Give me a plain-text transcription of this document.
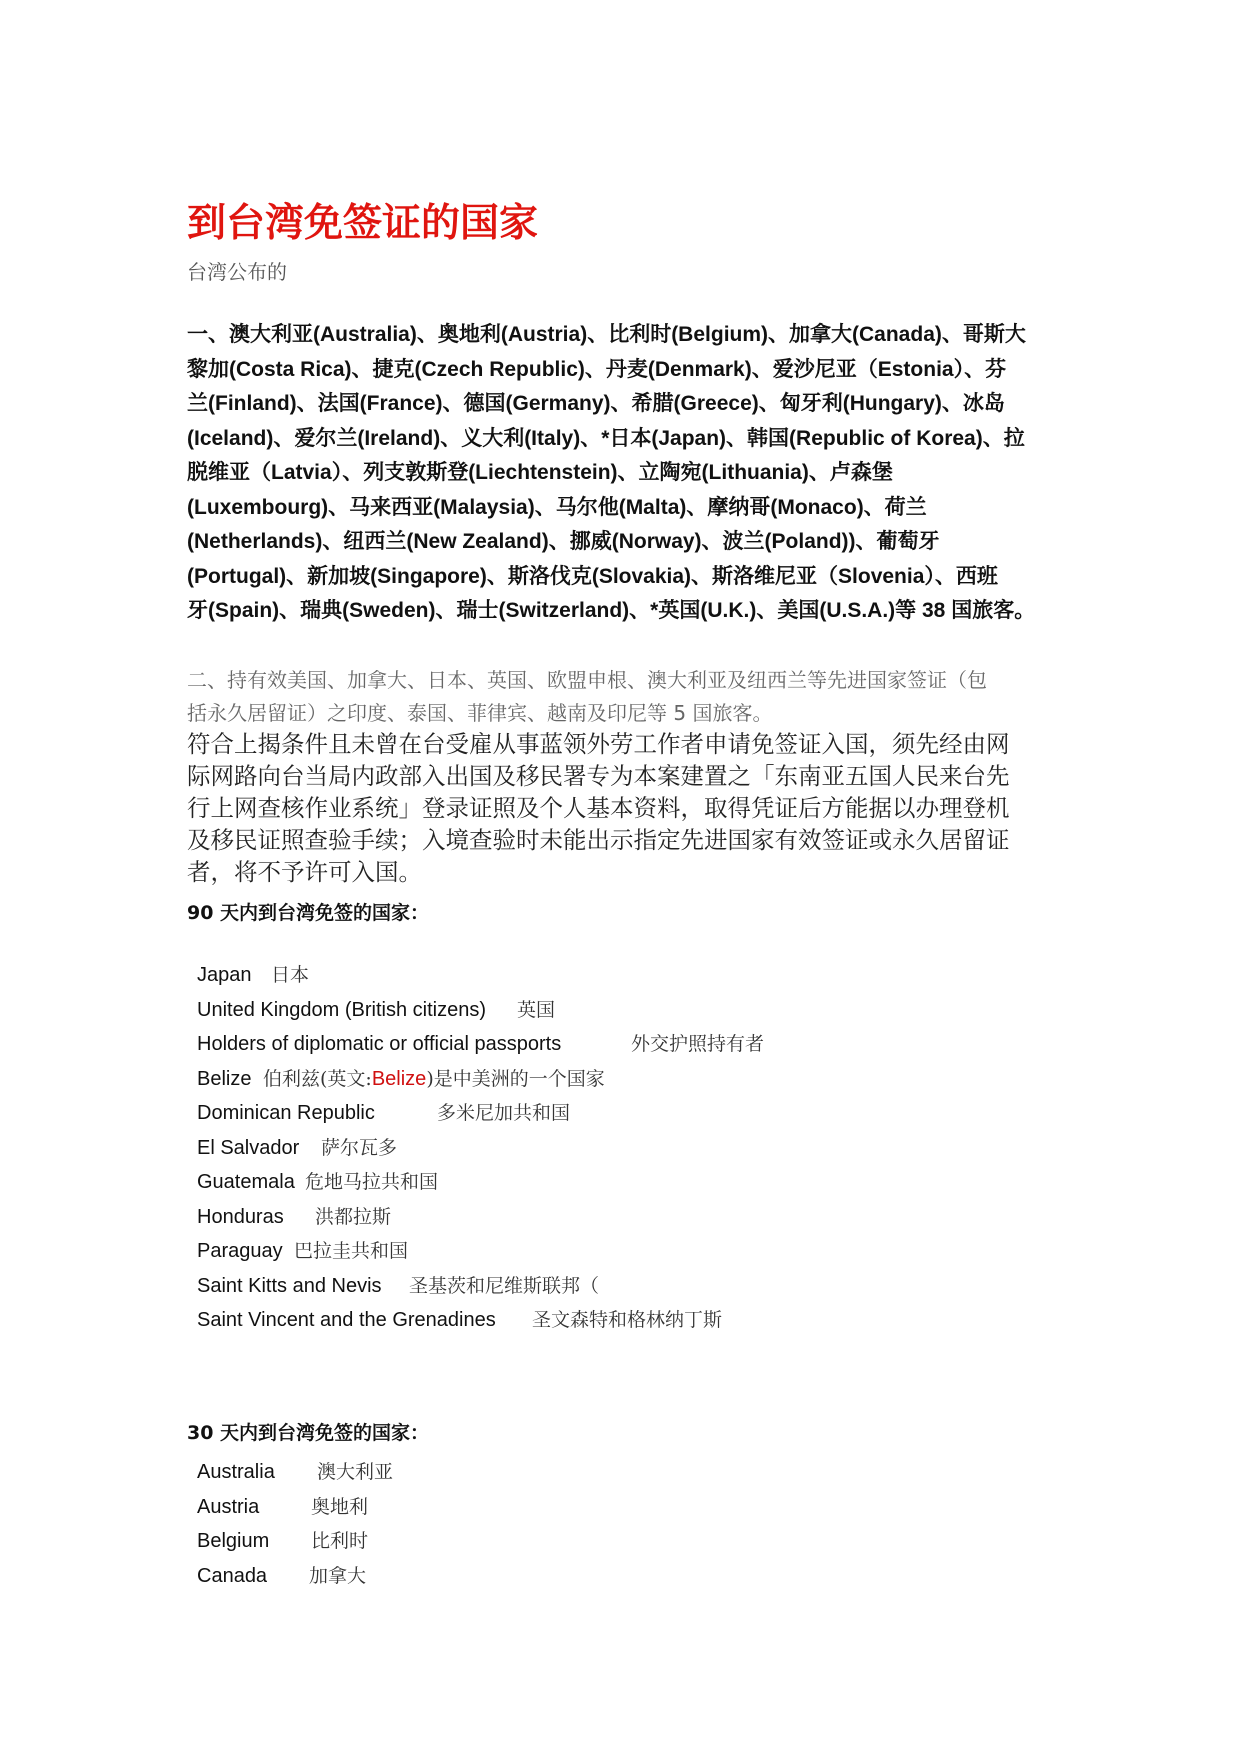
到台湾免签证的国家
台湾公布的
一、澳大利亚(Australia)、奥地利(Austria)、比利时(Belgium)、加拿大(Canada)、哥斯大
黎加(Costa Rica)、捷克(Czech Republic)、丹麦(Denmark)、爱沙尼亚（Estonia）、芬
兰(Finland)、法国(France)、德国(Germany)、希腊(Greece)、匈牙利(Hungary)、冰岛
(Iceland)、爱尔兰(Ireland)、义大利(Italy)、*日本(Japan)、韩国(Republic of Korea)、拉
脱维亚（Latvia）、列支敦斯登(Liechtenstein)、立陶宛(Lithuania)、卢森堡
(Luxembourg)、马来西亚(Malaysia)、马尔他(Malta)、摩纳哥(Monaco)、荷兰
(Netherlands)、纽西兰(New Zealand)、挪威(Norway)、波兰(Poland))、葡萄牙
(Portugal)、新加坡(Singapore)、斯洛伐克(Slovakia)、斯洛维尼亚（Slovenia）、西班
牙(Spain)、瑞典(Sweden)、瑞士(Switzerland)、*英国(U.K.)、美国(U.S.A.)等 38 国旅客。
二、持有效美国、加拿大、日本、英国、欧盟申根、澳大利亚及纽西兰等先进国家签证（包
括永久居留证）之印度、泰国、菲律宾、越南及印尼等 5 国旅客。
符合上揭条件且未曾在台受雇从事蓝领外劳工作者申请免签证入国，须先经由网
际网路向台当局内政部入出国及移民署专为本案建置之「东南亚五国人民来台先
行上网查核作业系统」登录证照及个人基本资料，取得凭证后方能据以办理登机
及移民证照查验手续；入境查验时未能出示指定先进国家有效签证或永久居留证
者，将不予许可入国。
90 天内到台湾免签的国家：
Japan 日本
United Kingdom (British citizens) 英国
Holders of diplomatic or official passports	外交护照持有者
Belize 伯利兹(英文:Belize)是中美洲的一个国家
Dominican Republic	多米尼加共和国
El Salvador 萨尔瓦多
Guatemala 危地马拉共和国
Honduras 洪都拉斯
Paraguay 巴拉圭共和国
Saint Kitts and Nevis 圣基茨和尼维斯联邦（
Saint Vincent and the Grenadines 圣文森特和格林纳丁斯
30 天内到台湾免签的国家：
Australia 澳大利亚
Austria	奥地利
Belgium 比利时
Canada 加拿大
